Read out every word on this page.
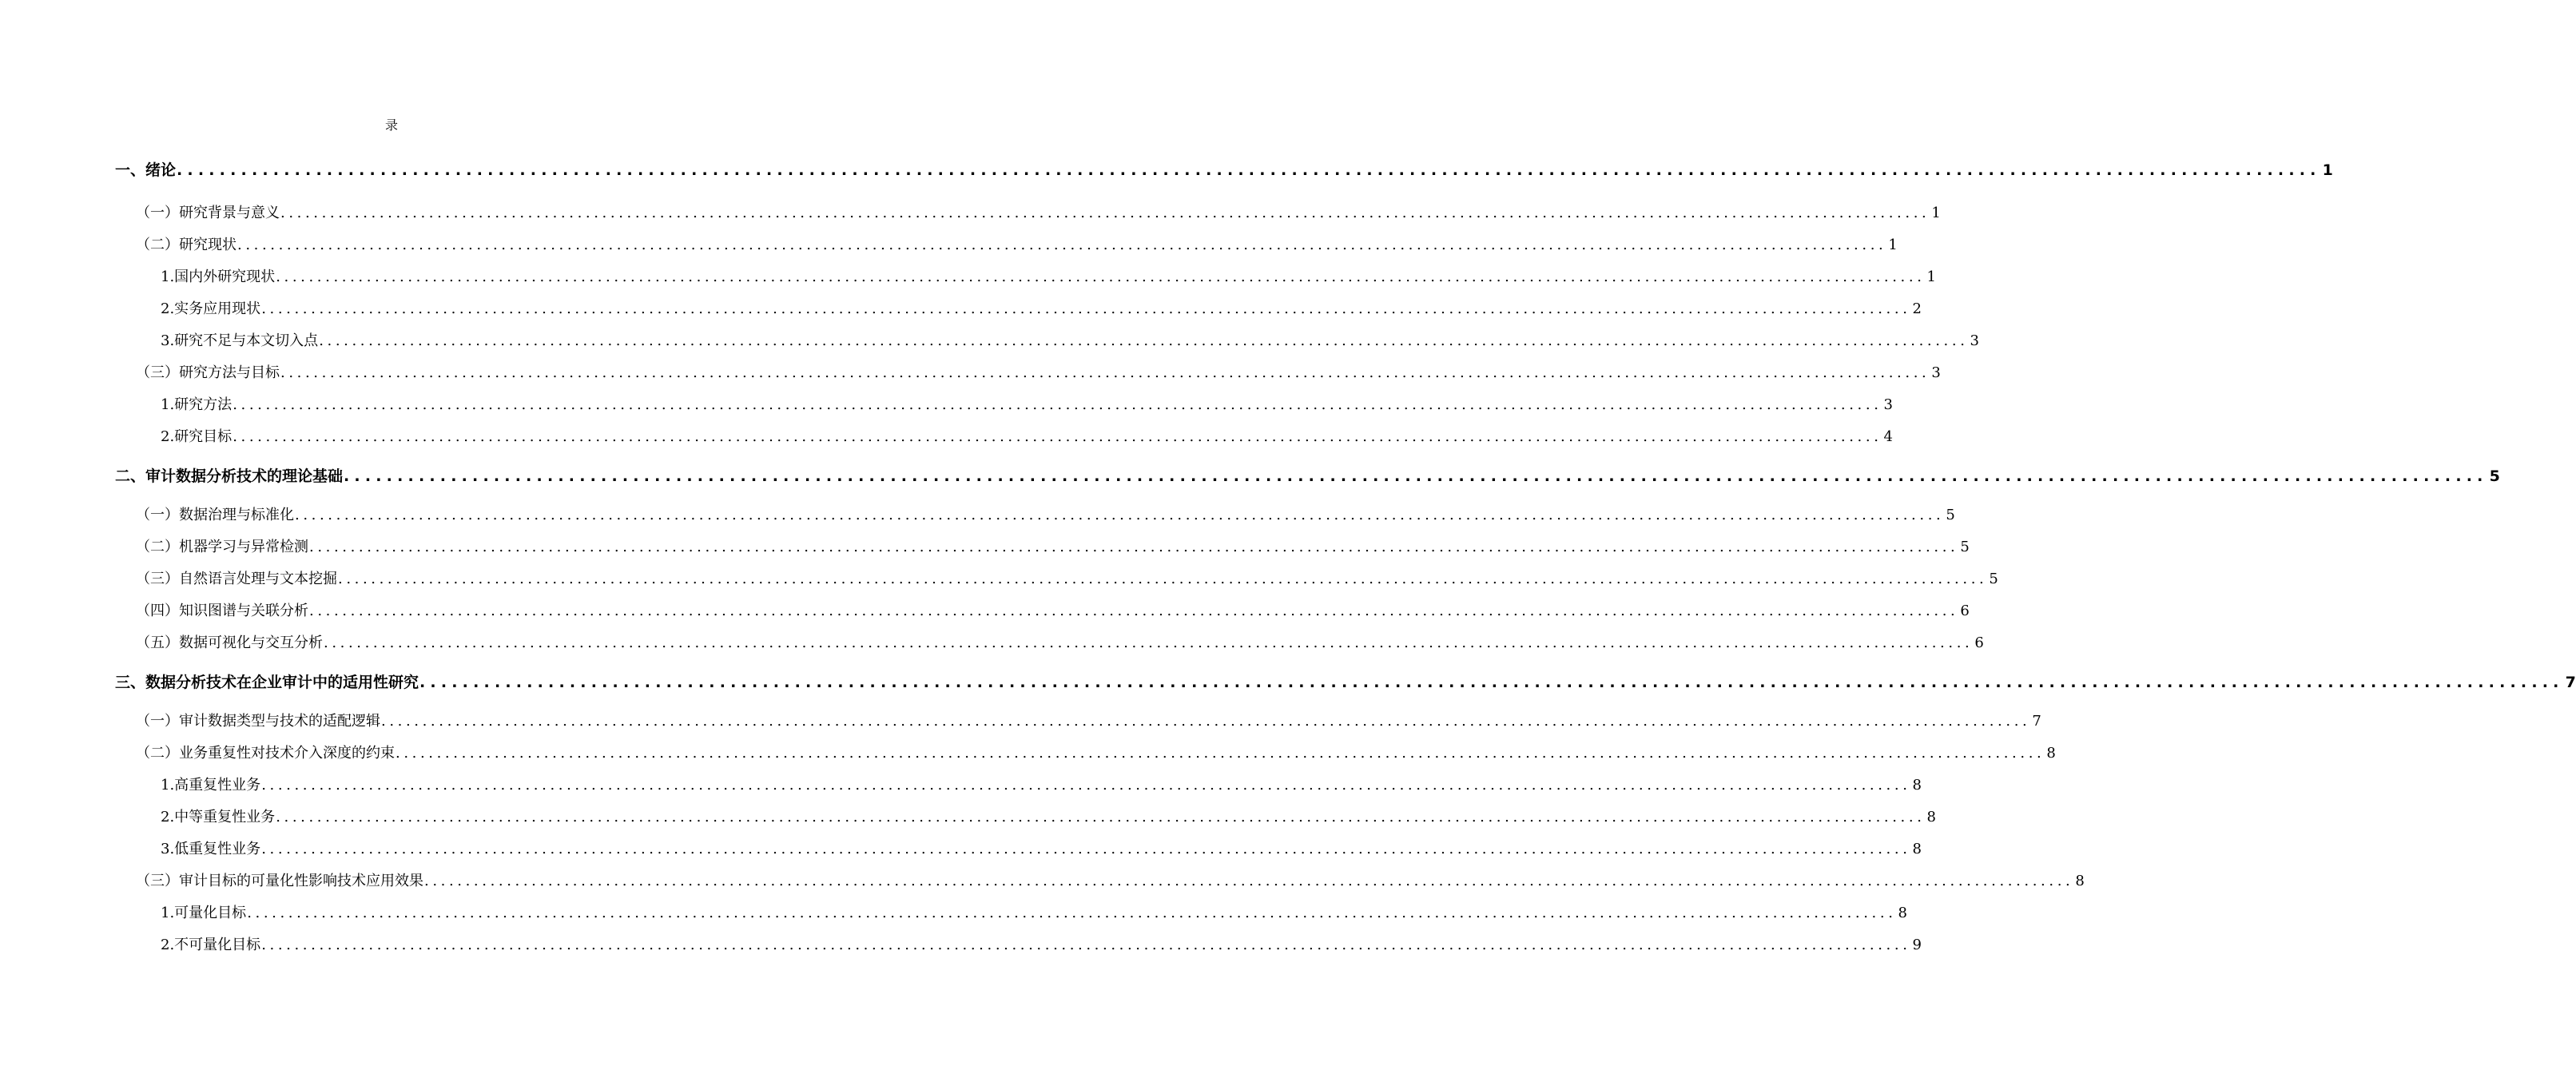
录
一、绪论 ........................................................................................................................................................................................................ 1
（一）研究背景与意义 ........................................................................................................................................................................................................ 1
（二）研究现状 ........................................................................................................................................................................................................ 1
1.国内外研究现状 ........................................................................................................................................................................................................ 1
2.实务应用现状 ........................................................................................................................................................................................................ 2
3.研究不足与本文切入点 ........................................................................................................................................................................................................ 3
（三）研究方法与目标 ........................................................................................................................................................................................................ 3
1.研究方法 ........................................................................................................................................................................................................ 3
2.研究目标 ........................................................................................................................................................................................................ 4
二、审计数据分析技术的理论基础 ........................................................................................................................................................................................................ 5
（一）数据治理与标准化 ........................................................................................................................................................................................................ 5
（二）机器学习与异常检测 ........................................................................................................................................................................................................ 5
（三）自然语言处理与文本挖掘 ........................................................................................................................................................................................................ 5
（四）知识图谱与关联分析 ........................................................................................................................................................................................................ 6
（五）数据可视化与交互分析 ........................................................................................................................................................................................................ 6
三、数据分析技术在企业审计中的适用性研究 ........................................................................................................................................................................................................ 7
（一）审计数据类型与技术的适配逻辑 ........................................................................................................................................................................................................ 7
（二）业务重复性对技术介入深度的约束 ........................................................................................................................................................................................................ 8
1.高重复性业务 ........................................................................................................................................................................................................ 8
2.中等重复性业务 ........................................................................................................................................................................................................ 8
3.低重复性业务 ........................................................................................................................................................................................................ 8
（三）审计目标的可量化性影响技术应用效果 ........................................................................................................................................................................................................ 8
1.可量化目标 ........................................................................................................................................................................................................ 8
2.不可量化目标 ........................................................................................................................................................................................................ 9
